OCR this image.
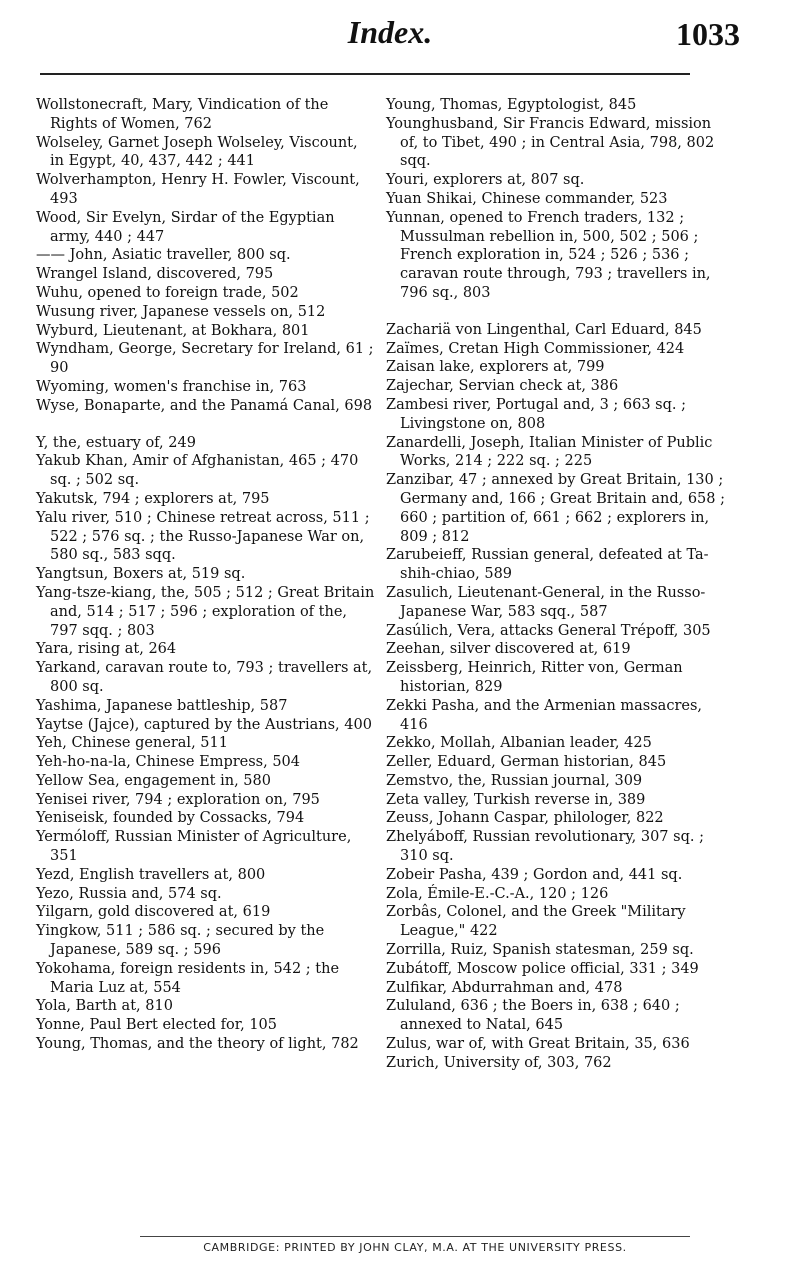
Index.	1033
Wollstonecraft, Mary, Vindication of the Rights of Women, 762
Wolseley, Garnet Joseph Wolseley, Viscount, in Egypt, 40, 437, 442 ; 441
Wolverhampton, Henry H. Fowler, Viscount, 493
Wood, Sir Evelyn, Sirdar of the Egyptian army, 440 ; 447
—— John, Asiatic traveller, 800 sq.
Wrangel Island, discovered, 795
Wuhu, opened to foreign trade, 502
Wusung river, Japanese vessels on, 512
Wyburd, Lieutenant, at Bokhara, 801
Wyndham, George, Secretary for Ireland, 61 ; 90
Wyoming, women's franchise in, 763
Wyse, Bonaparte, and the Panamá Canal, 698
Y, the, estuary of, 249
Yakub Khan, Amir of Afghanistan, 465 ; 470 sq. ; 502 sq.
Yakutsk, 794 ; explorers at, 795
Yalu river, 510 ; Chinese retreat across, 511 ; 522 ; 576 sq. ; the Russo-Japanese War on, 580 sq., 583 sqq.
Yangtsun, Boxers at, 519 sq.
Yang-tsze-kiang, the, 505 ; 512 ; Great Britain and, 514 ; 517 ; 596 ; exploration of the, 797 sqq. ; 803
Yara, rising at, 264
Yarkand, caravan route to, 793 ; travellers at, 800 sq.
Yashima, Japanese battleship, 587
Yaytse (Jajce), captured by the Austrians, 400
Yeh, Chinese general, 511
Yeh-ho-na-la, Chinese Empress, 504
Yellow Sea, engagement in, 580
Yenisei river, 794 ; exploration on, 795
Yeniseisk, founded by Cossacks, 794
Yermóloff, Russian Minister of Agriculture, 351
Yezd, English travellers at, 800
Yezo, Russia and, 574 sq.
Yilgarn, gold discovered at, 619
Yingkow, 511 ; 586 sq. ; secured by the Japanese, 589 sq. ; 596
Yokohama, foreign residents in, 542 ; the Maria Luz at, 554
Yola, Barth at, 810
Yonne, Paul Bert elected for, 105
Young, Thomas, and the theory of light, 782
Young, Thomas, Egyptologist, 845
Younghusband, Sir Francis Edward, mission of, to Tibet, 490 ; in Central Asia, 798, 802 sqq.
Youri, explorers at, 807 sq.
Yuan Shikai, Chinese commander, 523
Yunnan, opened to French traders, 132 ; Mussulman rebellion in, 500, 502 ; 506 ; French exploration in, 524 ; 526 ; 536 ; caravan route through, 793 ; travellers in, 796 sq., 803
Zachariä von Lingenthal, Carl Eduard, 845
Zaïmes, Cretan High Commissioner, 424
Zaisan lake, explorers at, 799
Zajechar, Servian check at, 386
Zambesi river, Portugal and, 3 ; 663 sq. ; Livingstone on, 808
Zanardelli, Joseph, Italian Minister of Public Works, 214 ; 222 sq. ; 225
Zanzibar, 47 ; annexed by Great Britain, 130 ; Germany and, 166 ; Great Britain and, 658 ; 660 ; partition of, 661 ; 662 ; explorers in, 809 ; 812
Zarubeieff, Russian general, defeated at Ta-shih-chiao, 589
Zasulich, Lieutenant-General, in the Russo-Japanese War, 583 sqq., 587
Zasúlich, Vera, attacks General Trépoff, 305
Zeehan, silver discovered at, 619
Zeissberg, Heinrich, Ritter von, German historian, 829
Zekki Pasha, and the Armenian massacres, 416
Zekko, Mollah, Albanian leader, 425
Zeller, Eduard, German historian, 845
Zemstvo, the, Russian journal, 309
Zeta valley, Turkish reverse in, 389
Zeuss, Johann Caspar, philologer, 822
Zhelyáboff, Russian revolutionary, 307 sq. ; 310 sq.
Zobeir Pasha, 439 ; Gordon and, 441 sq.
Zola, Émile-E.-C.-A., 120 ; 126
Zorbâs, Colonel, and the Greek "Military League," 422
Zorrilla, Ruiz, Spanish statesman, 259 sq.
Zubátoff, Moscow police official, 331 ; 349
Zulfikar, Abdurrahman and, 478
Zululand, 636 ; the Boers in, 638 ; 640 ; annexed to Natal, 645
Zulus, war of, with Great Britain, 35, 636
Zurich, University of, 303, 762
CAMBRIDGE: PRINTED BY JOHN CLAY, M.A. AT THE UNIVERSITY PRESS.
